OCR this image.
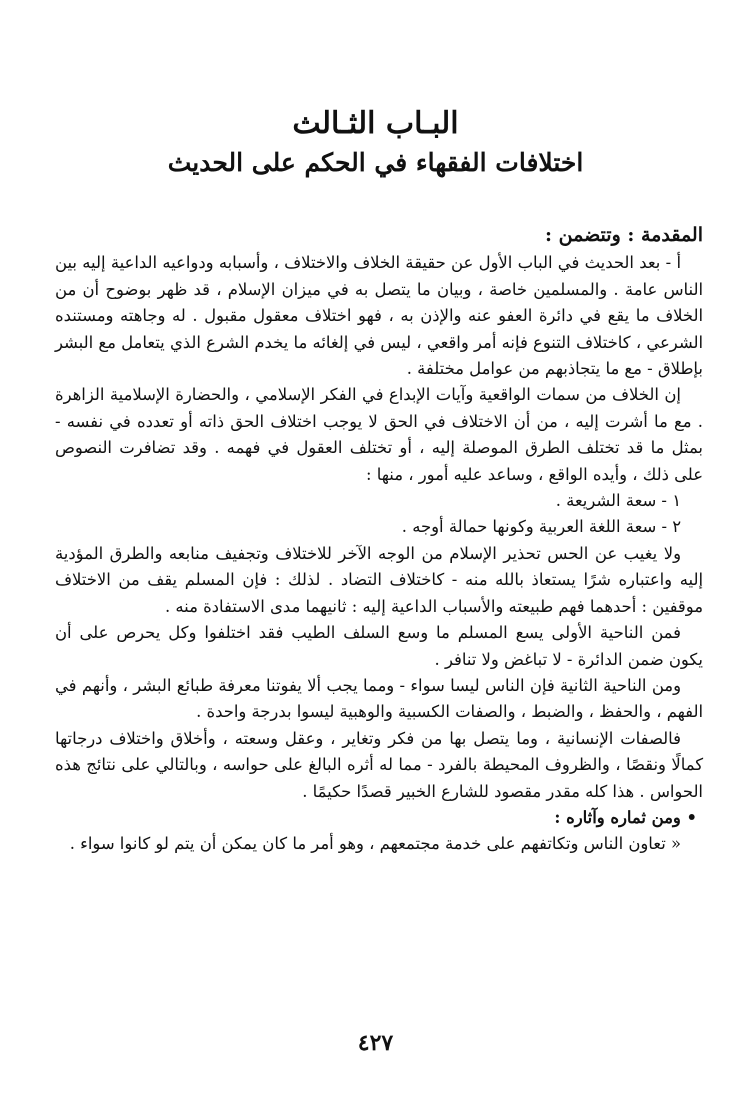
البـاب الثـالث
اختلافات الفقهاء في الحكم على الحديث

المقدمة : وتتضمن :

أ - بعد الحديث في الباب الأول عن حقيقة الخلاف والاختلاف ، وأسبابه ودواعيه الداعية إليه بين الناس عامة . والمسلمين خاصة ، وبيان ما يتصل به في ميزان الإسلام ، قد ظهر بوضوح أن من الخلاف ما يقع في دائرة العفو عنه والإذن به ، فهو اختلاف معقول مقبول . له وجاهته ومستنده الشرعي ، كاختلاف التنوع فإنه أمر واقعي ، ليس في إلغائه ما يخدم الشرع الذي يتعامل مع البشر بإطلاق - مع ما يتجاذبهم من عوامل مختلفة .

إن الخلاف من سمات الواقعية وآيات الإبداع في الفكر الإسلامي ، والحضارة الإسلامية الزاهرة . مع ما أشرت إليه ، من أن الاختلاف في الحق لا يوجب اختلاف الحق ذاته أو تعدده في نفسه - بمثل ما قد تختلف الطرق الموصلة إليه ، أو تختلف العقول في فهمه . وقد تضافرت النصوص على ذلك ، وأيده الواقع ، وساعد عليه أمور ، منها :

١ - سعة الشريعة .

٢ - سعة اللغة العربية وكونها حمالة أوجه .

ولا يغيب عن الحس تحذير الإسلام من الوجه الآخر للاختلاف وتجفيف منابعه والطرق المؤدية إليه واعتباره شرًا يستعاذ بالله منه - كاختلاف التضاد . لذلك : فإن المسلم يقف من الاختلاف موقفين : أحدهما فهم طبيعته والأسباب الداعية إليه : ثانيهما مدى الاستفادة منه .

فمن الناحية الأولى يسع المسلم ما وسع السلف الطيب فقد اختلفوا وكل يحرص على أن يكون ضمن الدائرة - لا تباغض ولا تنافر .

ومن الناحية الثانية فإن الناس ليسا سواء - ومما يجب ألا يفوتنا معرفة طبائع البشر ، وأنهم في الفهم ، والحفظ ، والضبط ، والصفات الكسبية والوهبية ليسوا بدرجة واحدة .

فالصفات الإنسانية ، وما يتصل بها من فكر وتغاير ، وعقل وسعته ، وأخلاق واختلاف درجاتها كمالًا ونقصًا ، والظروف المحيطة بالفرد - مما له أثره البالغ على حواسه ، وبالتالي على نتائج هذه الحواس . هذا كله مقدر مقصود للشارع الخبير قصدًا حكيمًا .

• ومن ثماره وآثاره :

« تعاون الناس وتكاتفهم على خدمة مجتمعهم ، وهو أمر ما كان يمكن أن يتم لو كانوا سواء .

٤٢٧
